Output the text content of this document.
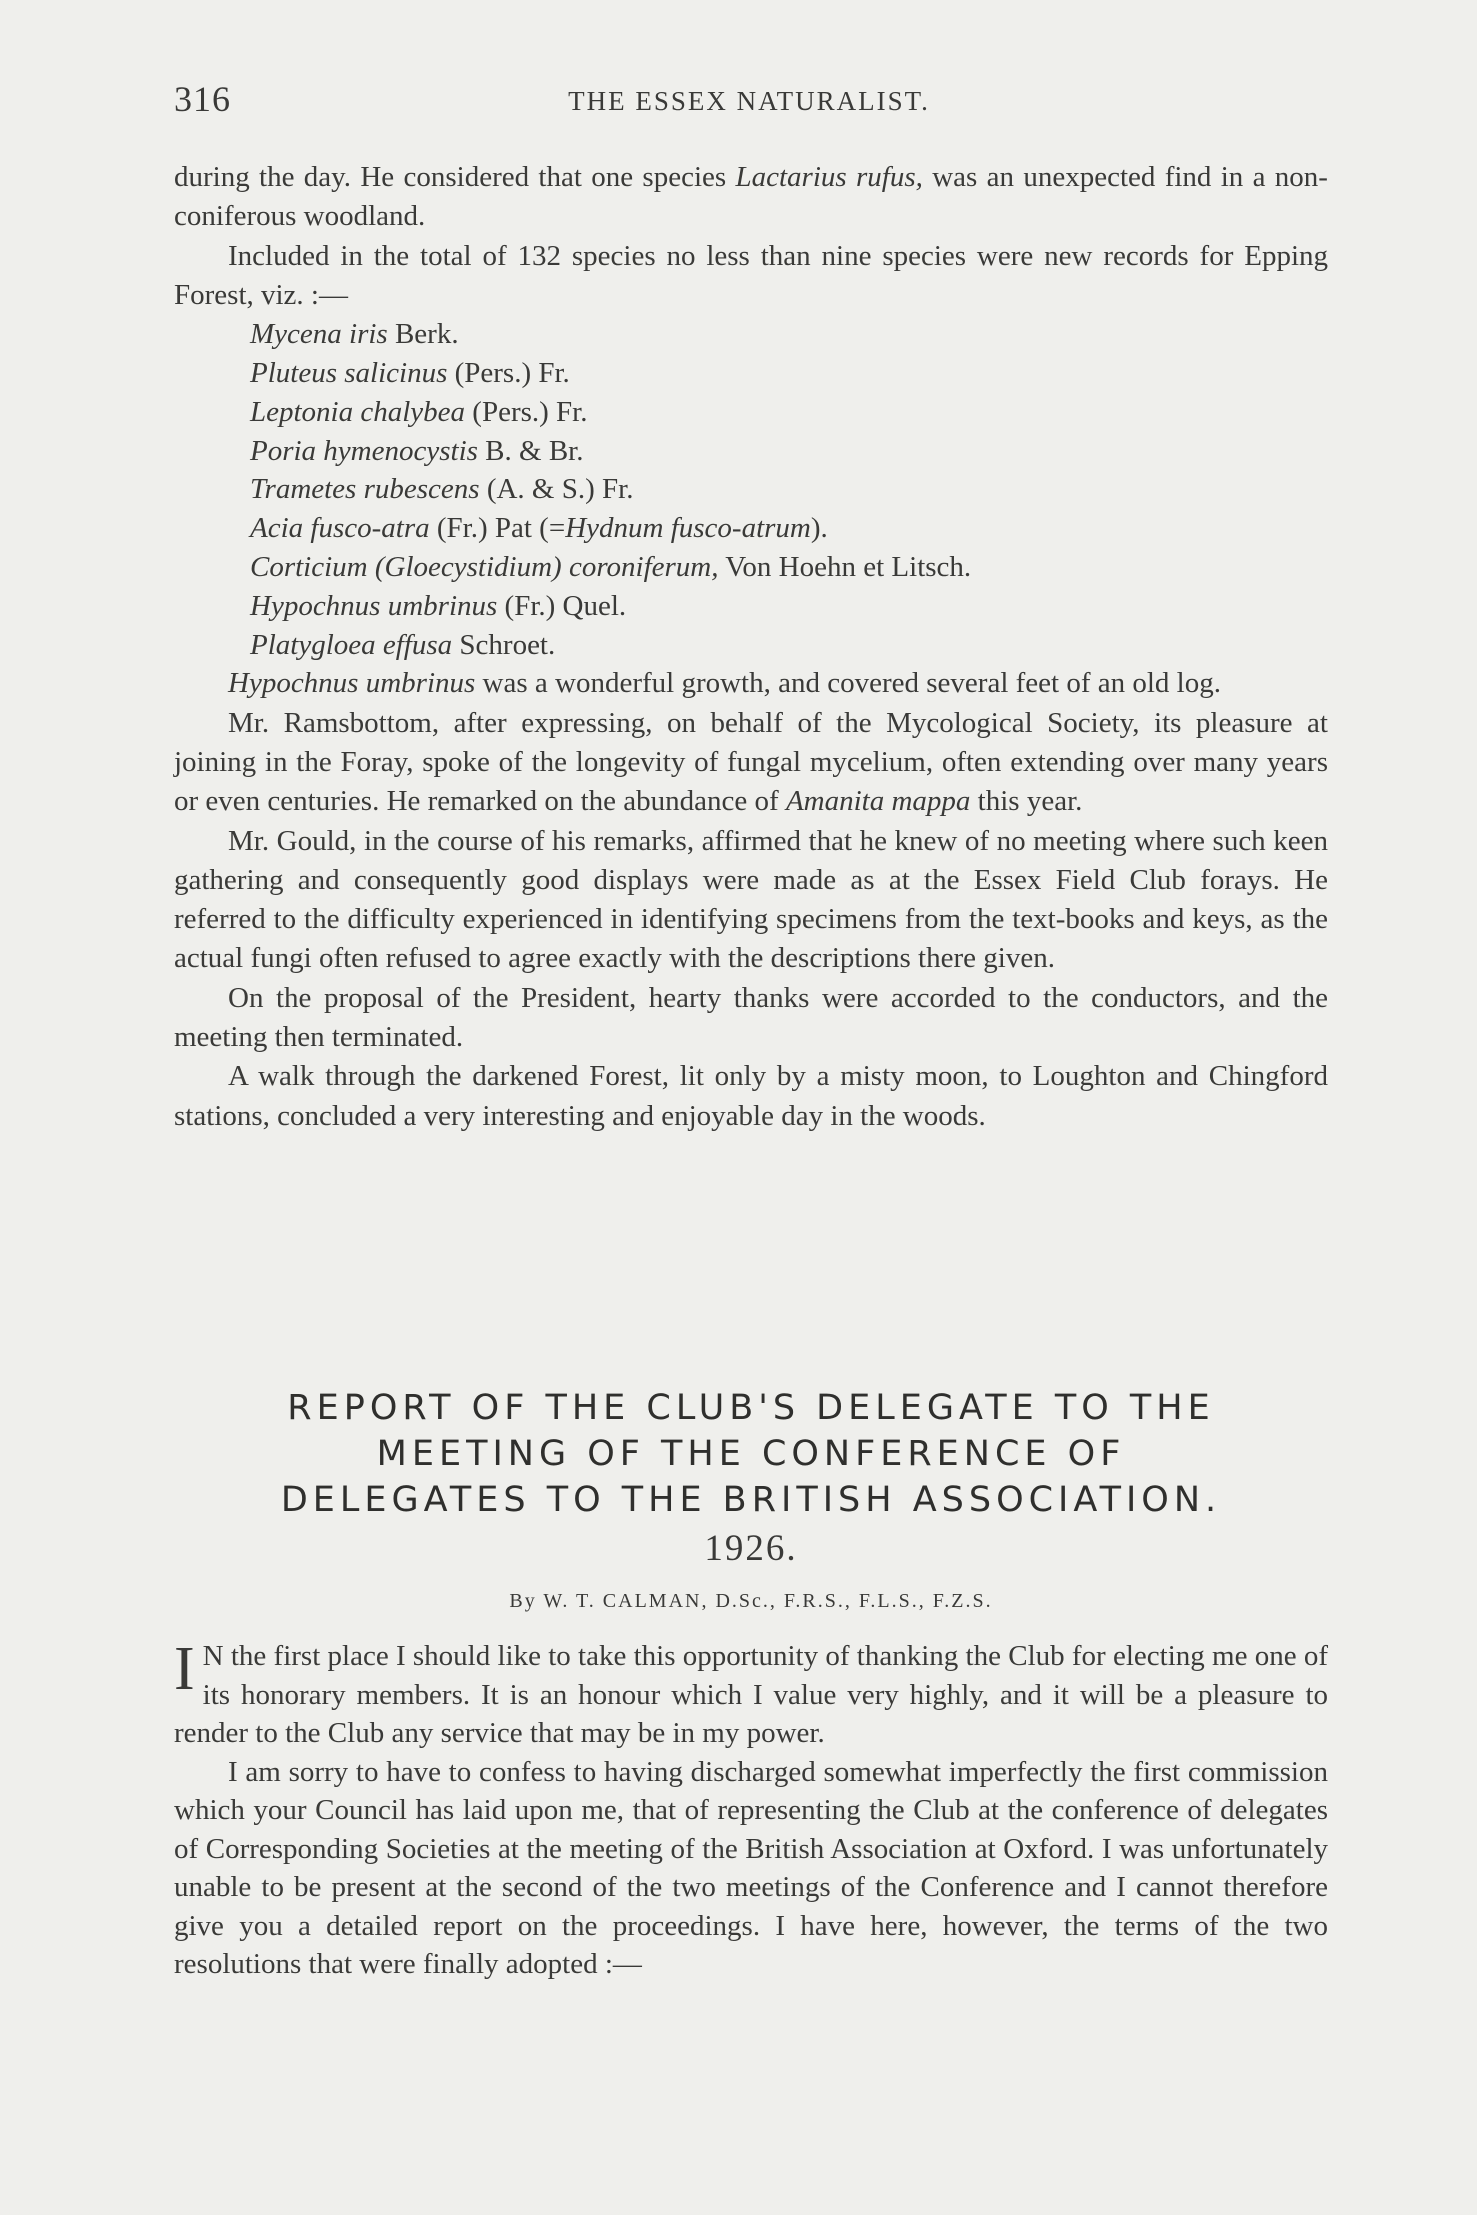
316	THE ESSEX NATURALIST.

during the day. He considered that one species Lactarius rufus, was an unexpected find in a non-coniferous woodland.

Included in the total of 132 species no less than nine species were new records for Epping Forest, viz. :—

Mycena iris Berk.
Pluteus salicinus (Pers.) Fr.
Leptonia chalybea (Pers.) Fr.
Poria hymenocystis B. & Br.
Trametes rubescens (A. & S.) Fr.
Acia fusco-atra (Fr.) Pat (=Hydnum fusco-atrum).
Corticium (Gloecystidium) coroniferum, Von Hoehn et Litsch.
Hypochnus umbrinus (Fr.) Quel.
Platygloea effusa Schroet.

Hypochnus umbrinus was a wonderful growth, and covered several feet of an old log.

Mr. Ramsbottom, after expressing, on behalf of the Mycological Society, its pleasure at joining in the Foray, spoke of the longevity of fungal mycelium, often extending over many years or even centuries. He remarked on the abundance of Amanita mappa this year.

Mr. Gould, in the course of his remarks, affirmed that he knew of no meeting where such keen gathering and consequently good displays were made as at the Essex Field Club forays. He referred to the difficulty experienced in identifying specimens from the text-books and keys, as the actual fungi often refused to agree exactly with the descriptions there given.

On the proposal of the President, hearty thanks were accorded to the conductors, and the meeting then terminated.

A walk through the darkened Forest, lit only by a misty moon, to Loughton and Chingford stations, concluded a very interesting and enjoyable day in the woods.

REPORT OF THE CLUB'S DELEGATE TO THE
MEETING OF THE CONFERENCE OF
DELEGATES TO THE BRITISH ASSOCIATION.
1926.
By W. T. CALMAN, D.Sc., F.R.S., F.L.S., F.Z.S.

I N the first place I should like to take this opportunity of thanking the Club for electing me one of its honorary members. It is an honour which I value very highly, and it will be a pleasure to render to the Club any service that may be in my power.

I am sorry to have to confess to having discharged somewhat imperfectly the first commission which your Council has laid upon me, that of representing the Club at the conference of delegates of Corresponding Societies at the meeting of the British Association at Oxford. I was unfortunately unable to be present at the second of the two meetings of the Conference and I cannot therefore give you a detailed report on the proceedings. I have here, however, the terms of the two resolutions that were finally adopted :—
